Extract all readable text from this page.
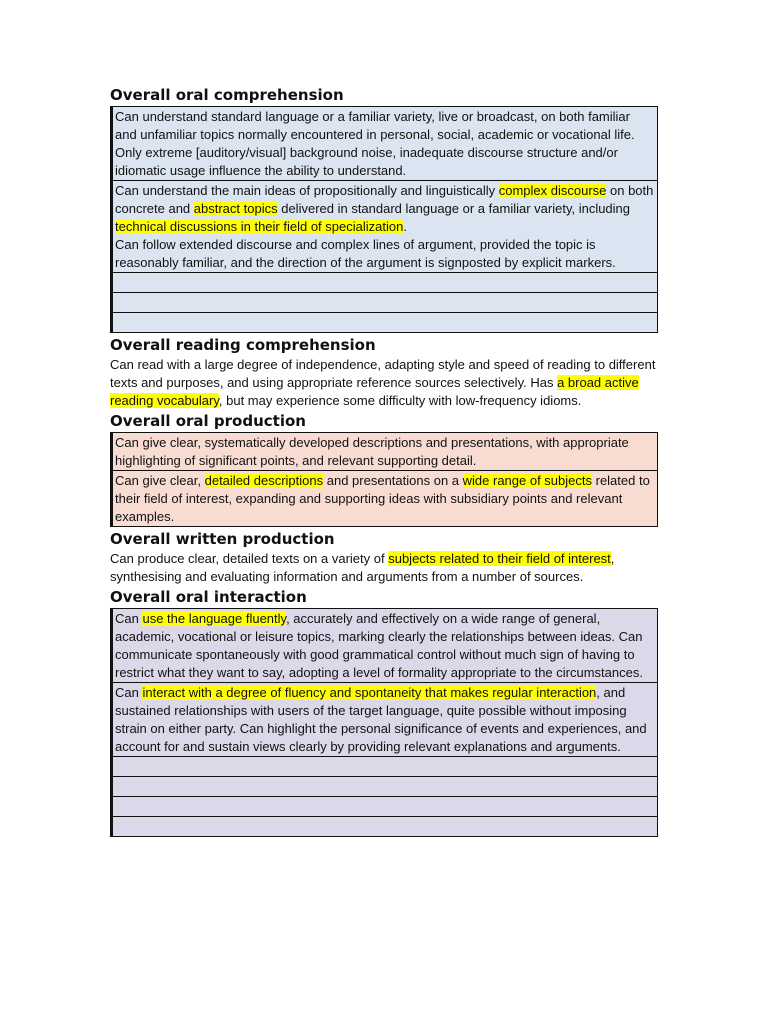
Overall oral comprehension
Can understand standard language or a familiar variety, live or broadcast, on both familiar and unfamiliar topics normally encountered in personal, social, academic or vocational life. Only extreme [auditory/visual] background noise, inadequate discourse structure and/or idiomatic usage influence the ability to understand.
Can understand the main ideas of propositionally and linguistically complex discourse on both concrete and abstract topics delivered in standard language or a familiar variety, including technical discussions in their field of specialization.
Can follow extended discourse and complex lines of argument, provided the topic is reasonably familiar, and the direction of the argument is signposted by explicit markers.

Overall reading comprehension

Can read with a large degree of independence, adapting style and speed of reading to different texts and purposes, and using appropriate reference sources selectively. Has a broad active reading vocabulary, but may experience some difficulty with low-frequency idioms.

Overall oral production
Can give clear, systematically developed descriptions and presentations, with appropriate highlighting of significant points, and relevant supporting detail.
Can give clear, detailed descriptions and presentations on a wide range of subjects related to their field of interest, expanding and supporting ideas with subsidiary points and relevant examples.
Overall written production

Can produce clear, detailed texts on a variety of subjects related to their field of interest, synthesising and evaluating information and arguments from a number of sources.

Overall oral interaction
Can use the language fluently, accurately and effectively on a wide range of general, academic, vocational or leisure topics, marking clearly the relationships between ideas. Can communicate spontaneously with good grammatical control without much sign of having to restrict what they want to say, adopting a level of formality appropriate to the circumstances.
Can interact with a degree of fluency and spontaneity that makes regular interaction, and sustained relationships with users of the target language, quite possible without imposing strain on either party. Can highlight the personal significance of events and experiences, and account for and sustain views clearly by providing relevant explanations and arguments.
